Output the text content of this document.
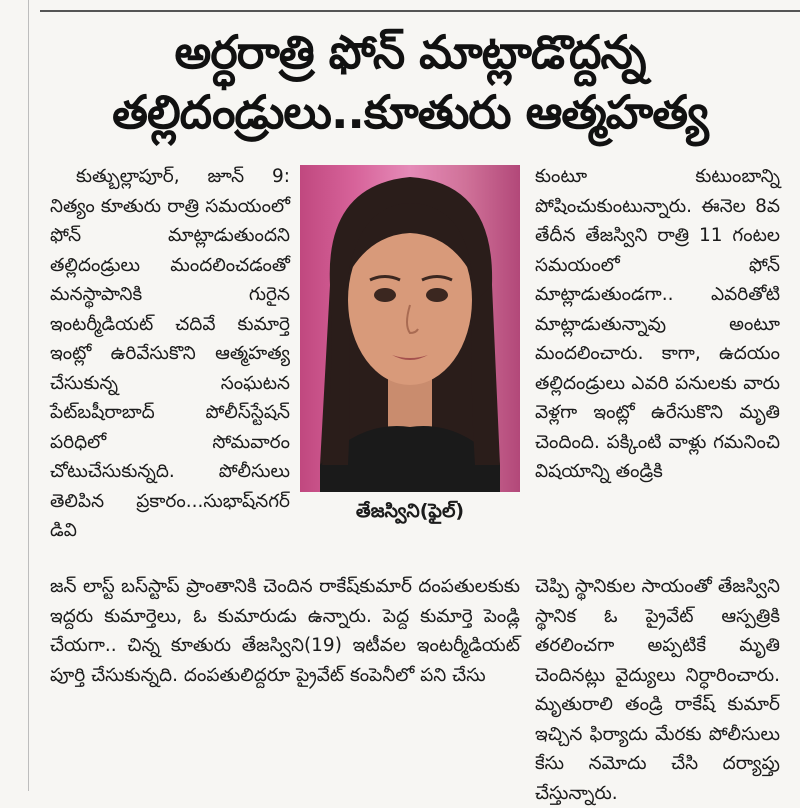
అర్ధరాత్రి ఫోన్ మాట్లాడొద్దన్న
తల్లిదండ్రులు..కూతురు ఆత్మహత్య

కుత్బుల్లాపూర్, జూన్ 9: నిత్యం కూతురు రాత్రి సమయంలో ఫోన్ మాట్లాడుతుందని తల్లిదండ్రులు మందలించడంతో మనస్థాపానికి గురైన ఇంటర్మీడియట్ చదివే కుమార్తె ఇంట్లో ఉరివేసుకొని ఆత్మహత్య చేసుకున్న సంఘటన పేట్‌బషీరాబాద్ పోలీస్‌స్టేషన్ పరిధిలో సోమవారం చోటుచేసుకున్నది. పోలీసులు తెలిపిన ప్రకారం...సుభాష్‌నగర్ డివి

తేజస్విని(ఫైల్)

కుంటూ కుటుంబాన్ని పోషించుకుంటున్నారు. ఈనెల 8వ తేదీన తేజస్విని రాత్రి 11 గంటల సమయంలో ఫోన్ మాట్లాడుతుండగా.. ఎవరితోటి మాట్లాడుతున్నావు అంటూ మందలించారు. కాగా, ఉదయం తల్లిదండ్రులు ఎవరి పనులకు వారు వెళ్లగా ఇంట్లో ఉరేసుకొని మృతి చెందింది. పక్కింటి వాళ్లు గమనించి విషయాన్ని తండ్రికి

జన్ లాస్ట్ బస్‌స్టాప్ ప్రాంతానికి చెందిన రాకేష్‌కుమార్ దంపతులకుకు ఇద్దరు కుమార్తెలు, ఓ కుమారుడు ఉన్నారు. పెద్ద కుమార్తె పెండ్లి చేయగా.. చిన్న కూతురు తేజస్విని(19) ఇటీవల ఇంటర్మీడియట్ పూర్తి చేసుకున్నది. దంపతులిద్దరూ ప్రైవేట్ కంపెనీలో పని చేసు

చెప్పి స్థానికుల సాయంతో తేజస్విని స్థానిక ఓ ప్రైవేట్ ఆస్పత్రికి తరలించగా అప్పటికే మృతి చెందినట్లు వైద్యులు నిర్ధారించారు. మృతురాలి తండ్రి రాకేష్ కుమార్ ఇచ్చిన ఫిర్యాదు మేరకు పోలీసులు కేసు నమోదు చేసి దర్యాప్తు చేస్తున్నారు.
